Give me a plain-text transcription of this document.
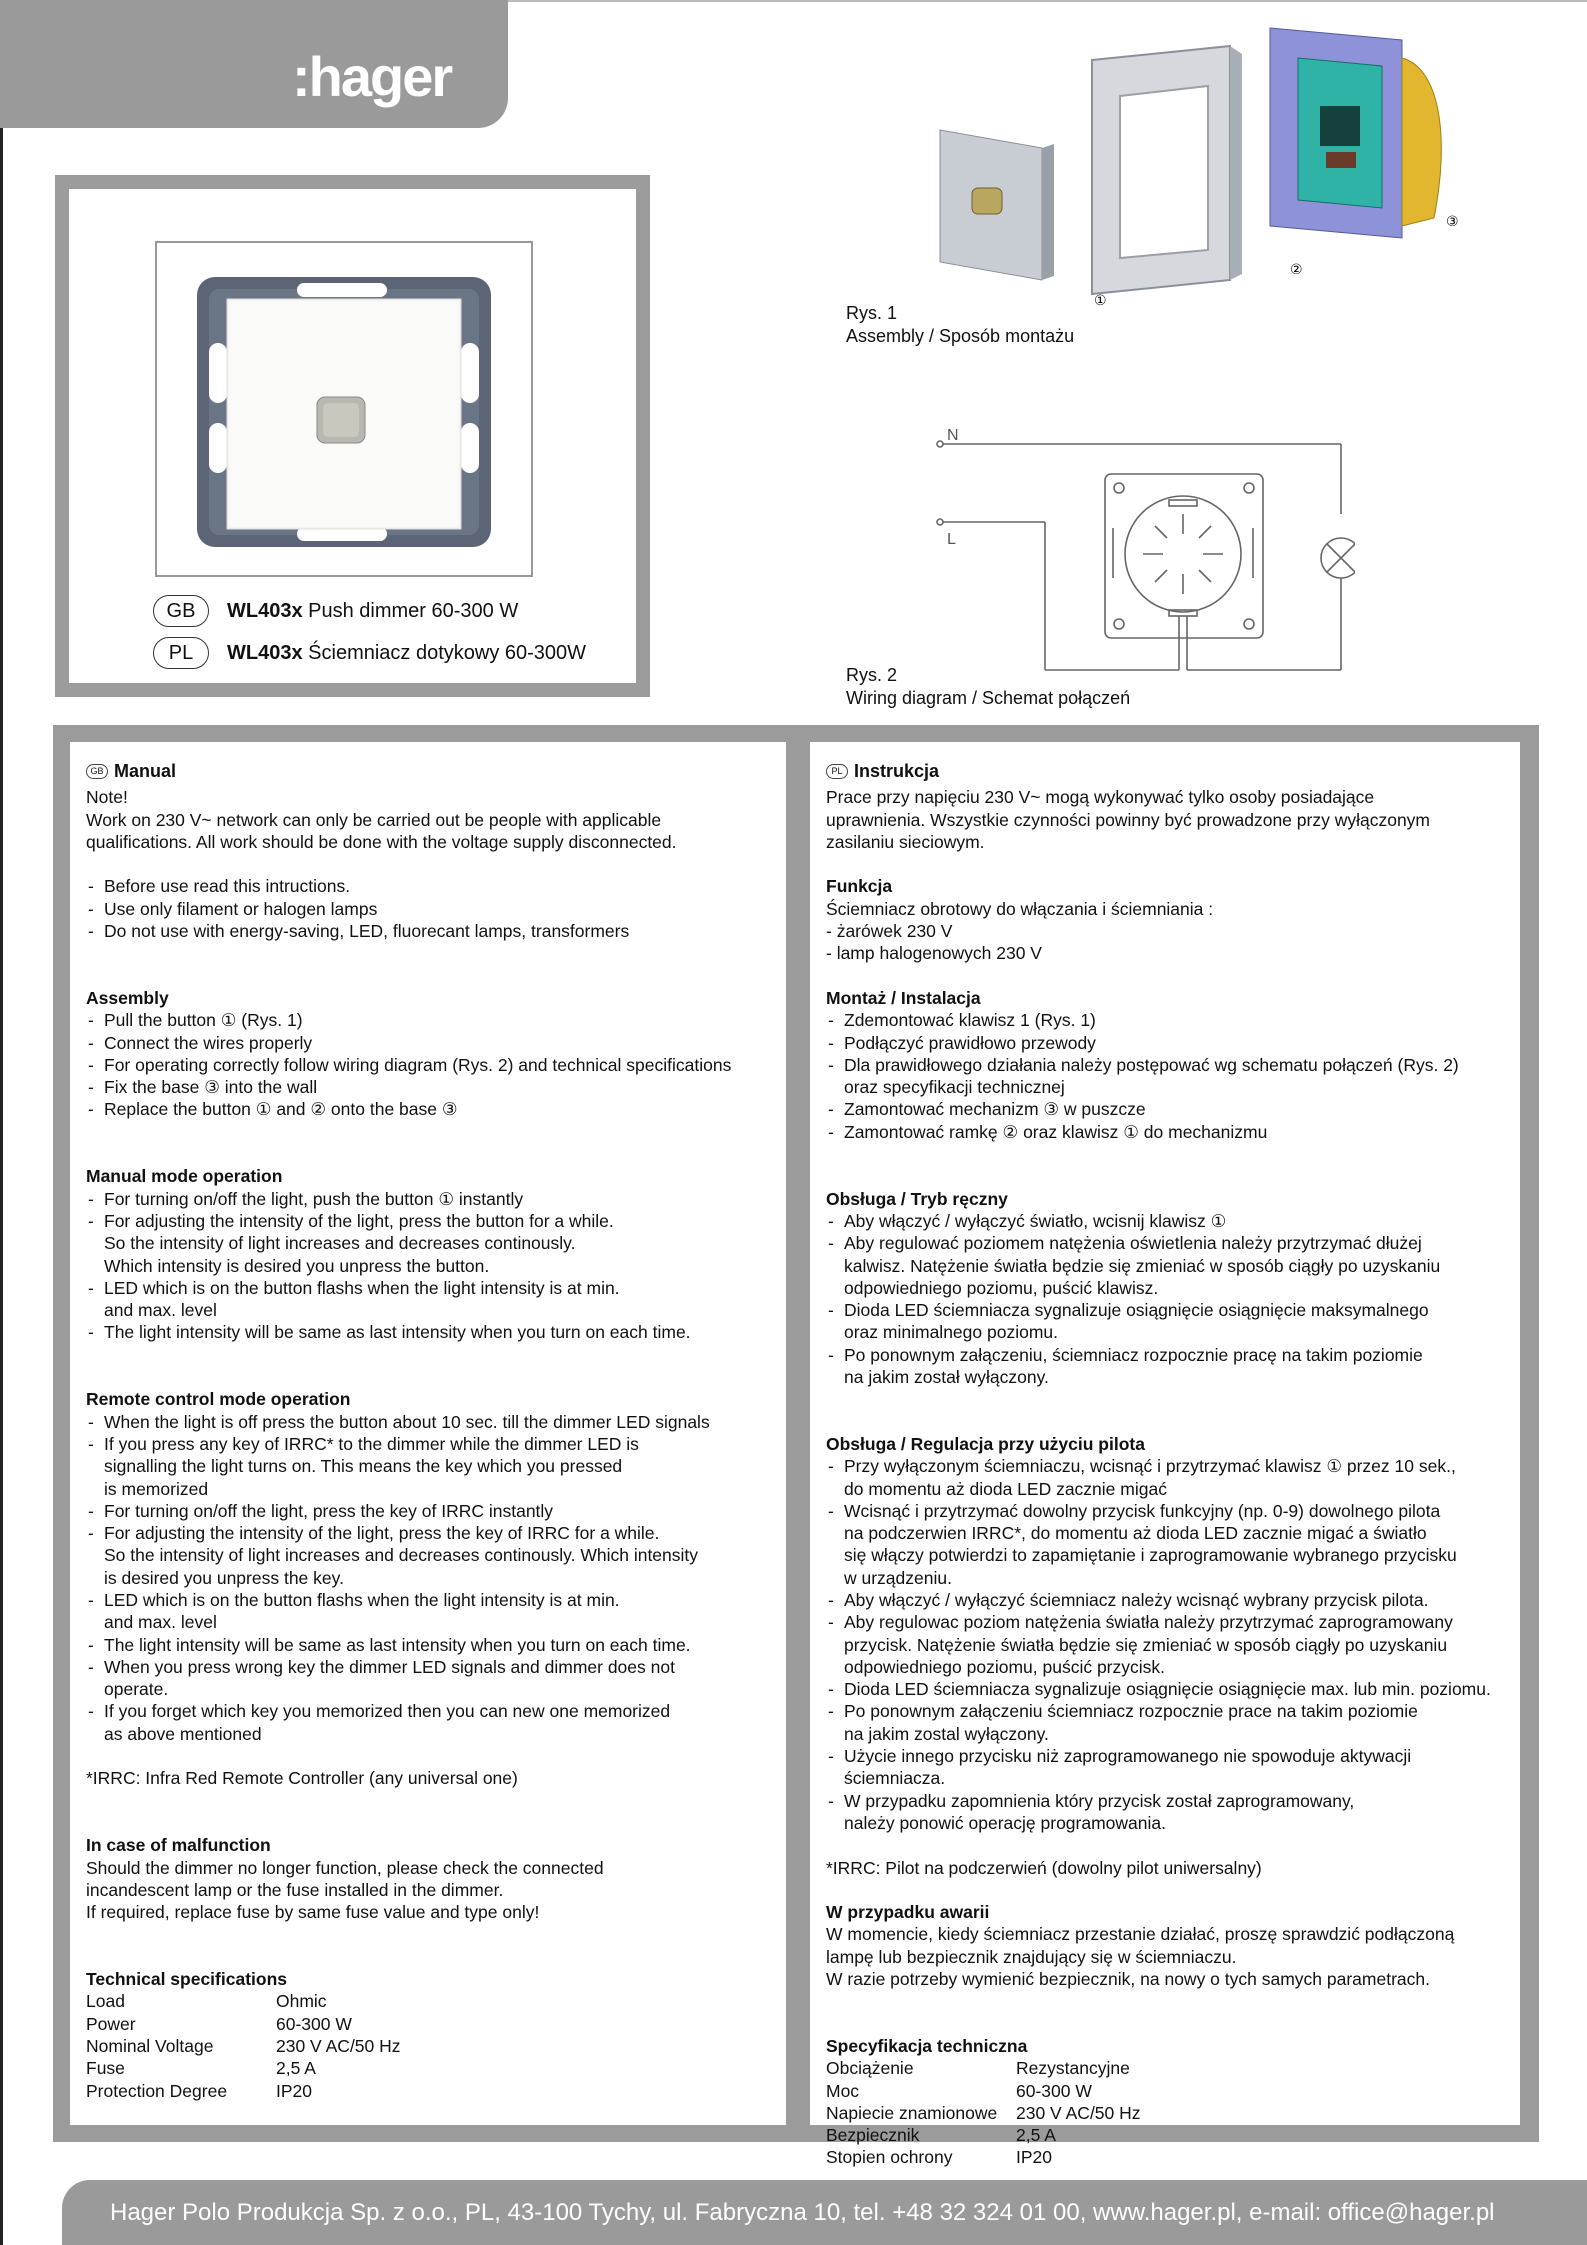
:hager
GB	WL403x Push dimmer 60-300 W
PL	WL403x Ściemniacz dotykowy 60-300W
①
②
③
Rys. 1
Assembly / Sposób montażu
N
L
Rys. 2
Wiring diagram / Schemat połączeń
GB Manual

Note!

Work on 230 V~ network can only be carried out be people with applicable

qualifications. All work should be done with the voltage supply disconnected.

- Before use read this intructions.
- Use only filament or halogen lamps
- Do not use with energy-saving, LED, fluorecant lamps, transformers

Assembly

- Pull the button ① (Rys. 1)
- Connect the wires properly
- For operating correctly follow wiring diagram (Rys. 2) and technical specifications
- Fix the base ③ into the wall
- Replace the button ① and ② onto the base ③

Manual mode operation

- For turning on/off the light, push the button ① instantly
- For adjusting the intensity of the light, press the button for a while.
So the intensity of light increases and decreases continously.
Which intensity is desired you unpress the button.
- LED which is on the button flashs when the light intensity is at min.
and max. level
- The light intensity will be same as last intensity when you turn on each time.

Remote control mode operation

- When the light is off press the button about 10 sec. till the dimmer LED signals
- If you press any key of IRRC* to the dimmer while the dimmer LED is
signalling the light turns on. This means the key which you pressed
is memorized
- For turning on/off the light, press the key of IRRC instantly
- For adjusting the intensity of the light, press the key of IRRC for a while.
So the intensity of light increases and decreases continously. Which intensity
is desired you unpress the key.
- LED which is on the button flashs when the light intensity is at min.
and max. level
- The light intensity will be same as last intensity when you turn on each time.
- When you press wrong key the dimmer LED signals and dimmer does not
operate.
- If you forget which key you memorized then you can new one memorized
as above mentioned

*IRRC: Infra Red Remote Controller (any universal one)

In case of malfunction

Should the dimmer no longer function, please check the connected

incandescent lamp or the fuse installed in the dimmer.

If required, replace fuse by same fuse value and type only!

Technical specifications

Load	Ohmic
Power	60-300 W
Nominal Voltage	230 V AC/50 Hz
Fuse	2,5 A
Protection Degree	IP20
PL Instrukcja

Prace przy napięciu 230 V~ mogą wykonywać tylko osoby posiadające

uprawnienia. Wszystkie czynności powinny być prowadzone przy wyłączonym

zasilaniu sieciowym.

Funkcja

Ściemniacz obrotowy do włączania i ściemniania :

- żarówek 230 V

- lamp halogenowych 230 V

Montaż / Instalacja

- Zdemontować klawisz 1 (Rys. 1)
- Podłączyć prawidłowo przewody
- Dla prawidłowego działania należy postępować wg schematu połączeń (Rys. 2)
oraz specyfikacji technicznej
- Zamontować mechanizm ③ w puszcze
- Zamontować ramkę ② oraz klawisz ① do mechanizmu

Obsługa / Tryb ręczny

- Aby włączyć / wyłączyć światło, wcisnij klawisz ①
- Aby regulować poziomem natężenia oświetlenia należy przytrzymać dłużej
kalwisz. Natężenie światła będzie się zmieniać w sposób ciągły po uzyskaniu
odpowiedniego poziomu, puścić klawisz.
- Dioda LED ściemniacza sygnalizuje osiągnięcie osiągnięcie maksymalnego
oraz minimalnego poziomu.
- Po ponownym załączeniu, ściemniacz rozpocznie pracę na takim poziomie
na jakim został wyłączony.

Obsługa / Regulacja przy użyciu pilota

- Przy wyłączonym ściemniaczu, wcisnąć i przytrzymać klawisz ① przez 10 sek.,
do momentu aż dioda LED zacznie migać
- Wcisnąć i przytrzymać dowolny przycisk funkcyjny (np. 0-9) dowolnego pilota
na podczerwien IRRC*, do momentu aż dioda LED zacznie migać a światło
się włączy potwierdzi to zapamiętanie i zaprogramowanie wybranego przycisku
w urządzeniu.
- Aby włączyć / wyłączyć ściemniacz należy wcisnąć wybrany przycisk pilota.
- Aby regulowac poziom natężenia światła należy przytrzymać zaprogramowany
przycisk. Natężenie światła będzie się zmieniać w sposób ciągły po uzyskaniu
odpowiedniego poziomu, puścić przycisk.
- Dioda LED ściemniacza sygnalizuje osiągnięcie osiągnięcie max. lub min. poziomu.
- Po ponownym załączeniu ściemniacz rozpocznie prace na takim poziomie
na jakim zostal wyłączony.
- Użycie innego przycisku niż zaprogramowanego nie spowoduje aktywacji
ściemniacza.
- W przypadku zapomnienia który przycisk został zaprogramowany,
należy ponowić operację programowania.

*IRRC: Pilot na podczerwień (dowolny pilot uniwersalny)

W przypadku awarii

W momencie, kiedy ściemniacz przestanie działać, proszę sprawdzić podłączoną

lampę lub bezpiecznik znajdujący się w ściemniaczu.

W razie potrzeby wymienić bezpiecznik, na nowy o tych samych parametrach.

Specyfikacja techniczna

Obciążenie	Rezystancyjne
Moc	60-300 W
Napiecie znamionowe	230 V AC/50 Hz
Bezpiecznik	2,5 A
Stopien ochrony	IP20
Hager Polo Produkcja Sp. z o.o., PL, 43-100 Tychy, ul. Fabryczna 10, tel. +48 32 324 01 00, www.hager.pl, e-mail: office@hager.pl
